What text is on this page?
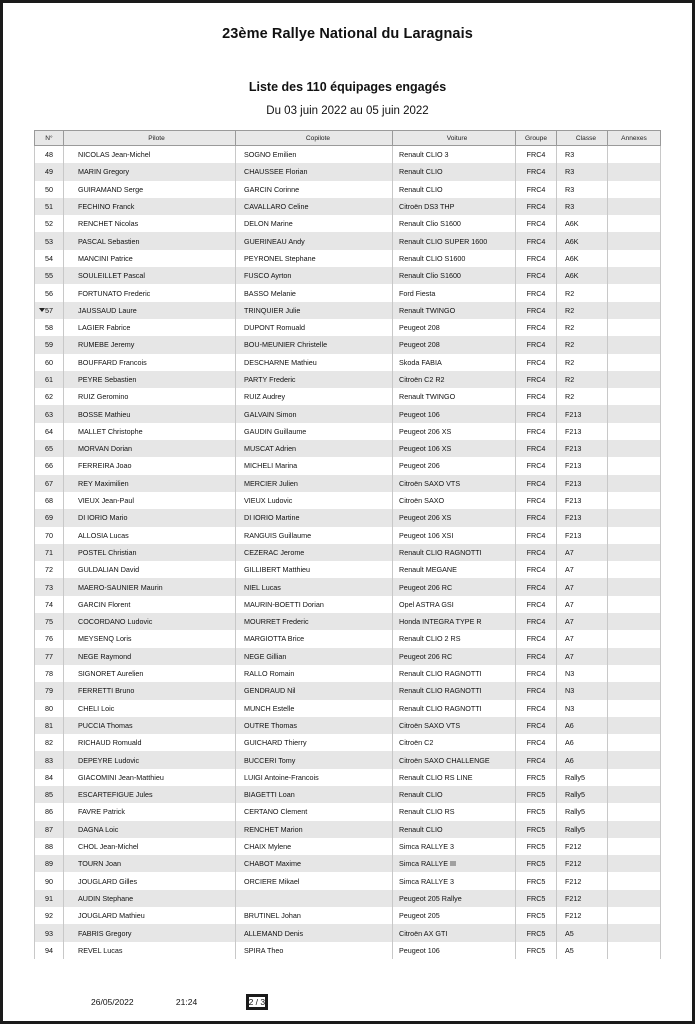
23ème Rallye National du Laragnais
Liste des 110 équipages engagés
Du 03 juin 2022 au 05 juin 2022
N°	Pilote	Copilote	Voiture	Groupe	Classe	Annexes
48	NICOLAS Jean-Michel	SOGNO Emilien	Renault CLIO 3	FRC4	R3	
49	MARIN Gregory	CHAUSSEE Florian	Renault CLIO	FRC4	R3	
50	GUIRAMAND Serge	GARCIN Corinne	Renault CLIO	FRC4	R3	
51	FECHINO Franck	CAVALLARO Celine	Citroën DS3 THP	FRC4	R3	
52	RENCHET Nicolas	DELON Marine	Renault Clio S1600	FRC4	A6K	
53	PASCAL Sebastien	GUERINEAU Andy	Renault CLIO SUPER 1600	FRC4	A6K	
54	MANCINI Patrice	PEYRONEL Stephane	Renault CLIO S1600	FRC4	A6K	
55	SOULEILLET Pascal	FUSCO Ayrton	Renault Clio S1600	FRC4	A6K	
56	FORTUNATO Frederic	BASSO Melanie	Ford Fiesta	FRC4	R2	
57	JAUSSAUD Laure	TRINQUIER Julie	Renault TWINGO	FRC4	R2	
58	LAGIER Fabrice	DUPONT Romuald	Peugeot 208	FRC4	R2	
59	RUMEBE Jeremy	BOU-MEUNIER Christelle	Peugeot 208	FRC4	R2	
60	BOUFFARD Francois	DESCHARNE Mathieu	Skoda FABIA	FRC4	R2	
61	PEYRE Sebastien	PARTY Frederic	Citroën C2 R2	FRC4	R2	
62	RUIZ Geromino	RUIZ Audrey	Renault TWINGO	FRC4	R2	
63	BOSSE Mathieu	GALVAIN Simon	Peugeot 106	FRC4	F213	
64	MALLET Christophe	GAUDIN Guillaume	Peugeot 206 XS	FRC4	F213	
65	MORVAN Dorian	MUSCAT Adrien	Peugeot 106 XS	FRC4	F213	
66	FERREIRA Joao	MICHELI Marina	Peugeot 206	FRC4	F213	
67	REY Maximilien	MERCIER Julien	Citroën SAXO VTS	FRC4	F213	
68	VIEUX Jean-Paul	VIEUX Ludovic	Citroën SAXO	FRC4	F213	
69	DI IORIO Mario	DI IORIO Martine	Peugeot 206 XS	FRC4	F213	
70	ALLOSIA Lucas	RANGUIS Guillaume	Peugeot 106 XSI	FRC4	F213	
71	POSTEL Christian	CEZERAC Jerome	Renault CLIO RAGNOTTI	FRC4	A7	
72	GULDALIAN David	GILLIBERT Matthieu	Renault MEGANE	FRC4	A7	
73	MAERO-SAUNIER Maurin	NIEL Lucas	Peugeot 206 RC	FRC4	A7	
74	GARCIN Florent	MAURIN-BOETTI Dorian	Opel ASTRA GSI	FRC4	A7	
75	COCORDANO Ludovic	MOURRET Frederic	Honda INTEGRA TYPE R	FRC4	A7	
76	MEYSENQ Loris	MARGIOTTA Brice	Renault CLIO 2 RS	FRC4	A7	
77	NEGE Raymond	NEGE Gillian	Peugeot 206 RC	FRC4	A7	
78	SIGNORET Aurelien	RALLO Romain	Renault CLIO RAGNOTTI	FRC4	N3	
79	FERRETTI Bruno	GENDRAUD Nil	Renault CLIO RAGNOTTI	FRC4	N3	
80	CHELI Loic	MUNCH Estelle	Renault CLIO RAGNOTTI	FRC4	N3	
81	PUCCIA Thomas	OUTRE Thomas	Citroën SAXO VTS	FRC4	A6	
82	RICHAUD Romuald	GUICHARD Thierry	Citroën C2	FRC4	A6	
83	DEPEYRE Ludovic	BUCCERI Tomy	Citroën SAXO CHALLENGE	FRC4	A6	
84	GIACOMINI Jean-Matthieu	LUIGI Antoine-Francois	Renault CLIO RS LINE	FRC5	Rally5	
85	ESCARTEFIGUE Jules	BIAGETTI Loan	Renault CLIO	FRC5	Rally5	
86	FAVRE Patrick	CERTANO Clement	Renault CLIO RS	FRC5	Rally5	
87	DAGNA Loic	RENCHET Marion	Renault CLIO	FRC5	Rally5	
88	CHOL Jean-Michel	CHAIX Mylene	Simca RALLYE 3	FRC5	F212	
89	TOURN Joan	CHABOT Maxime	Simca RALLYE III	FRC5	F212	
90	JOUGLARD Gilles	ORCIERE Mikael	Simca RALLYE 3	FRC5	F212	
91	AUDIN Stephane		Peugeot 205 Rallye	FRC5	F212	
92	JOUGLARD Mathieu	BRUTINEL Johan	Peugeot 205	FRC5	F212	
93	FABRIS Gregory	ALLEMAND Denis	Citroën AX GTI	FRC5	A5	
94	REVEL Lucas	SPIRA Theo	Peugeot 106	FRC5	A5	
26/05/2022	21:24	2 / 3
